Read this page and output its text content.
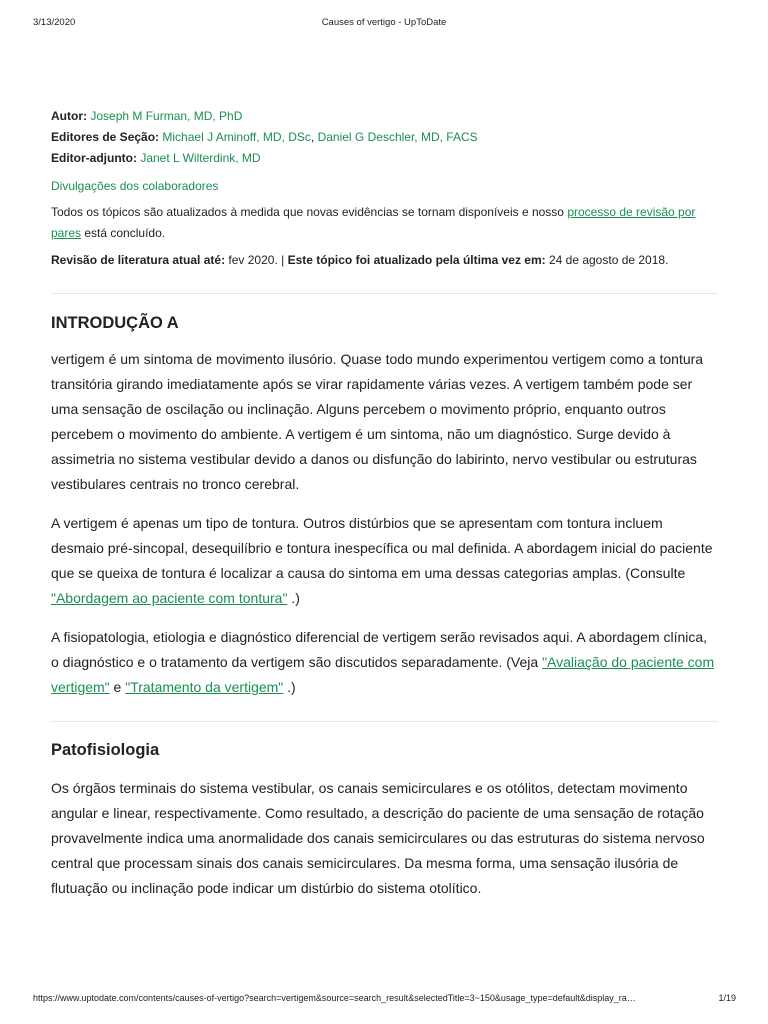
3/13/2020	Causes of vertigo - UpToDate
Autor: Joseph M Furman, MD, PhD
Editores de Seção: Michael J Aminoff, MD, DSc, Daniel G Deschler, MD, FACS
Editor-adjunto: Janet L Wilterdink, MD
Divulgações dos colaboradores
Todos os tópicos são atualizados à medida que novas evidências se tornam disponíveis e nosso processo de revisão por pares está concluído.
Revisão de literatura atual até: fev 2020. | Este tópico foi atualizado pela última vez em: 24 de agosto de 2018.
INTRODUÇÃO A

vertigem é um sintoma de movimento ilusório. Quase todo mundo experimentou vertigem como a tontura transitória girando imediatamente após se virar rapidamente várias vezes. A vertigem também pode ser uma sensação de oscilação ou inclinação. Alguns percebem o movimento próprio, enquanto outros percebem o movimento do ambiente. A vertigem é um sintoma, não um diagnóstico. Surge devido à assimetria no sistema vestibular devido a danos ou disfunção do labirinto, nervo vestibular ou estruturas vestibulares centrais no tronco cerebral.

A vertigem é apenas um tipo de tontura. Outros distúrbios que se apresentam com tontura incluem desmaio pré-sincopal, desequilíbrio e tontura inespecífica ou mal definida. A abordagem inicial do paciente que se queixa de tontura é localizar a causa do sintoma em uma dessas categorias amplas. (Consulte "Abordagem ao paciente com tontura" .)

A fisiopatologia, etiologia e diagnóstico diferencial de vertigem serão revisados aqui. A abordagem clínica, o diagnóstico e o tratamento da vertigem são discutidos separadamente. (Veja "Avaliação do paciente com vertigem" e "Tratamento da vertigem" .)

Patofisiologia

Os órgãos terminais do sistema vestibular, os canais semicirculares e os otólitos, detectam movimento angular e linear, respectivamente. Como resultado, a descrição do paciente de uma sensação de rotação provavelmente indica uma anormalidade dos canais semicirculares ou das estruturas do sistema nervoso central que processam sinais dos canais semicirculares. Da mesma forma, uma sensação ilusória de flutuação ou inclinação pode indicar um distúrbio do sistema otolítico.

https://www.uptodate.com/contents/causes-of-vertigo?search=vertigem&source=search_result&selectedTitle=3~150&usage_type=default&display_ra…	1/19
